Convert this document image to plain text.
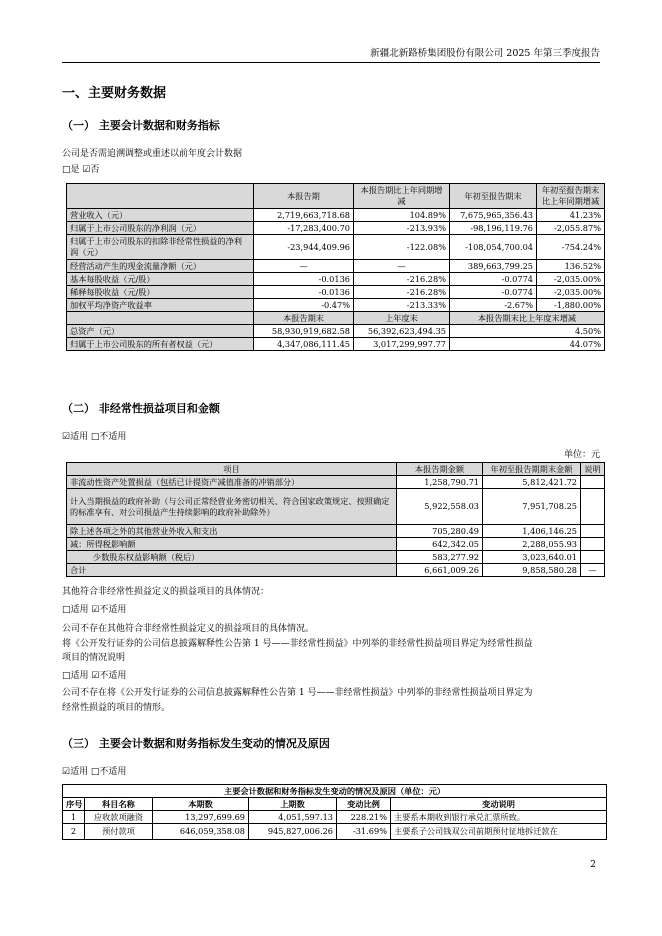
新疆北新路桥集团股份有限公司 2025 年第三季度报告
一、主要财务数据
（一） 主要会计数据和财务指标
公司是否需追溯调整或重述以前年度会计数据
□是 ☑否
	本报告期	本报告期比上年同期增减	年初至报告期末	年初至报告期末比上年同期增减
营业收入（元）	2,719,663,718.68	104.89%	7,675,965,356.43	41.23%
归属于上市公司股东的净利润（元）	-17,283,400.70	-213.93%	-98,196,119.76	-2,055.87%
归属于上市公司股东的扣除非经常性损益的净利润（元）	-23,944,409.96	-122.08%	-108,054,700.04	-754.24%
经营活动产生的现金流量净额（元）	—	—	389,663,799.25	136.52%
基本每股收益（元/股）	-0.0136	-216.28%	-0.0774	-2,035.00%
稀释每股收益（元/股）	-0.0136	-216.28%	-0.0774	-2,035.00%
加权平均净资产收益率	-0.47%	-213.33%	-2.67%	-1,880.00%
	本报告期末	上年度末	本报告期末比上年度末增减	
总资产（元）	58,930,919,682.58	56,392,623,494.35	4.50%	
归属于上市公司股东的所有者权益（元）	4,347,086,111.45	3,017,299,997.77	44.07%	
（二） 非经常性损益项目和金额
☑适用 □不适用
单位：元
项目	本报告期金额	年初至报告期期末金额	说明
非流动性资产处置损益（包括已计提资产减值准备的冲销部分）	1,258,790.71	5,812,421.72	
计入当期损益的政府补助（与公司正常经营业务密切相关、符合国家政策规定、按照确定的标准享有、对公司损益产生持续影响的政府补助除外）	5,922,558.03	7,951,708.25	
除上述各项之外的其他营业外收入和支出	705,280.49	1,406,146.25	
减：所得税影响额	642,342.05	2,288,055.93	
少数股东权益影响额（税后）	583,277.92	3,023,640.01	
合计	6,661,009.26	9,858,580.28	—
其他符合非经常性损益定义的损益项目的具体情况：
□适用 ☑不适用
公司不存在其他符合非经常性损益定义的损益项目的具体情况。
将《公开发行证券的公司信息披露解释性公告第 1 号——非经常性损益》中列举的非经常性损益项目界定为经常性损益
项目的情况说明
□适用 ☑不适用
公司不存在将《公开发行证券的公司信息披露解释性公告第 1 号——非经常性损益》中列举的非经常性损益项目界定为
经常性损益的项目的情形。
（三） 主要会计数据和财务指标发生变动的情况及原因
☑适用 □不适用
主要会计数据和财务指标发生变动的情况及原因（单位：元）					
序号	科目名称	本期数	上期数	变动比例	变动说明
1	应收款项融资	13,297,699.69	4,051,597.13	228.21%	主要系本期收到银行承兑汇票所致。
2	预付款项	646,059,358.08	945,827,006.26	-31.69%	主要系子公司钱双公司前期预付征地拆迁款在
2
